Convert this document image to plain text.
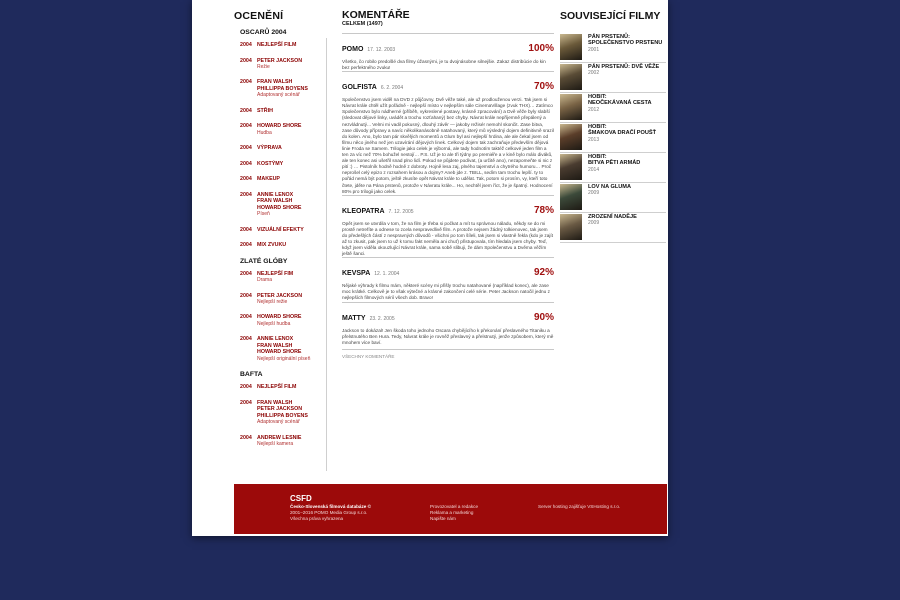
OCENĚNÍ
OSCARŮ 2004
2004 NEJLEPŠÍ FILM
2004 PETER JACKSON
Režie
2004 FRAN WALSH
PHILLIPPA BOYENS
Adaptovaný scénář
2004 STŘIH
2004 HOWARD SHORE
Hudba
2004 VÝPRAVA
2004 KOSTÝMY
2004 MAKEUP
2004 ANNIE LENOX
FRAN WALSH
HOWARD SHORE
Píseň
2004 VIZUÁLNÍ EFEKTY
2004 MIX ZVUKU
ZLATÉ GLÓBY
2004 NEJLEPŠÍ FIM
Drama
2004 PETER JACKSON
Nejlepší režie
2004 HOWARD SHORE
Nejlepší hudba
2004 ANNIE LENOX
FRAN WALSH
HOWARD SHORE
Nejlepší originální píseň
BAFTA
2004 NEJLEPŠÍ FILM
2004 FRAN WALSH
PETER JACKSON
PHILLIPPA BOYENS
Adaptovaný scénář
2004 ANDREW LESNIE
Nejlepší kamera
KOMENTÁŘE
CELKEM (1497)
POMO 17. 12. 2003	100%
Všetko, čo robilo predošlé dva filmy úžasnými, je tu dvojnásobne silnejšie. Zakaz distribúcie do kin bez perfektného zvuku!
GOLFISTA 6. 2. 2004	70%
Společenstvo jsem viděl na DVD z půjčovny. Dvě věže také, ale už prodlouženou verzi. Tak jsem si Návrat krále chtěl užít pořádně - nejlepší místo v nejlepším sále CinemaVillage (zvuk THX)… Zatímco Společenstvo bylo nádherné (příběh, vykreslené postavy, krásně zpracování) a Dvě věže byly slabší (sledovat dějové linky, uvádět a trochu rozťahaný) bez chyby. Návrat krále nepříjemně přepálený a nezvládnutý... Velmi mi vadil pokusný, dlouhý závěr — jakoby režisér nemohl skončit. Zase bitva, zase důvody přípravy a navíc několikanásobně natahovaný, který mů výsledný dojem definitivně srazil do kolen. Ano, bylo tam pár skvělých momentů a Glum byl asi nejlepší hrdina, ale ale čekal jsem od filmu něco jiného než jen uzavírání dějových linek. Celkový dojem tak zachraňuje především dějová linie Froda se Samem. Trilogie jako celek je výborná, ale tady hodnotím taktéž celkové jeden film a ten za víc než 70% bohužel nestojí… P.S. Už je to ale tři týdny po premiéře a v kině bylo málo diváků, ale ten konec asi ušetřil snad plno lidí. Pokud se půjdete podívat, (a určitě ano), nezapomeňte si nic z pití :) … Pistolník hodně hodně z dobroty. Hojně lesa zaj, plného tajemství a chytrého humoru… Proč neprošel celý epizo z rozsahem krásou a dojmy? Aneb jde z. TBILL, sedím tam trochu lepší. ty to pořád nemá být potom, ještě zkusíte opět Návrat krále to udělat. Tak, potom si prosím, vy, kteří toto čtete, jděte na Pána prstenů, protože v Návratu krále... Ho, nechtěl jsem říct, že je špatný. Hodnocení 80% pro trilogii jako celek.
KLEOPATRA 7. 12. 2005	78%
Opět jsem se utvrdila v tom, že na film je třeba si počkat a mít tu správnou náladu, někdy se do mi prostě netrefíte a odnese to zcela nespravedlivě film. A protože nejsem žádný tolkienovec, tak jsem do předešlých částí z nespravných důvodů - všichni po tom šíleli, tak jsem si vlastně řekla (kdo je zajít až to zkusit, pak jsem to už k tomu fakt neměla ani chuť) přistupovala, tím hledala jsem chyby. Teď, když jsem viděla okouzlující Návrat krále, sama sobě slibuji, že dám Společenstvu a Dvěma věžím ještě šanci.
KEVSPA 12. 1. 2004	92%
Nějaké výhrady k filmu mám, některé scény mi přišly trochu natahované (například konec), ale zase moc krátké. Celkově je to však výtečné a krásné zakončení celé série. Peter Jackson natočil jednu z nejlepších filmových sérií všech dob. Bravo!
MATTY 23. 2. 2005	90%
Jackson to dokázal! Jen škoda toho jednoho Oscara chybějícího k překonání přeslavného Titaniku a přelstnutého Ben Hura. Tedy, Návrat krále je rovněž přeslavný a přelstnutý, jenže způsobem, který mě mnohem více baví.
VŠECHNY KOMENTÁŘE
SOUVISEJÍCÍ FILMY
PÁN PRSTENŮ:
SPOLEČENSTVO PRSTENU
2001
PÁN PRSTENŮ: DVĚ VĚŽE
2002
HOBIT:
NEOČEKÁVANÁ CESTA
2012
HOBIT:
ŠMAKOVA DRAČÍ POUŠŤ
2013
HOBIT:
BITVA PĚTI ARMÁD
2014
LOV NA GLUMA
2009
ZROZENÍ NADĚJE
2009
CSFD
Česko-Slovenská filmová databáze ©
2001–2016 POMO Media Group s.r.o.
Všechna práva vyhrazena
Provozovatel a redakce
Reklama a marketing
Napište nám
Server hosting zajišťuje VSHosting s.r.o.
